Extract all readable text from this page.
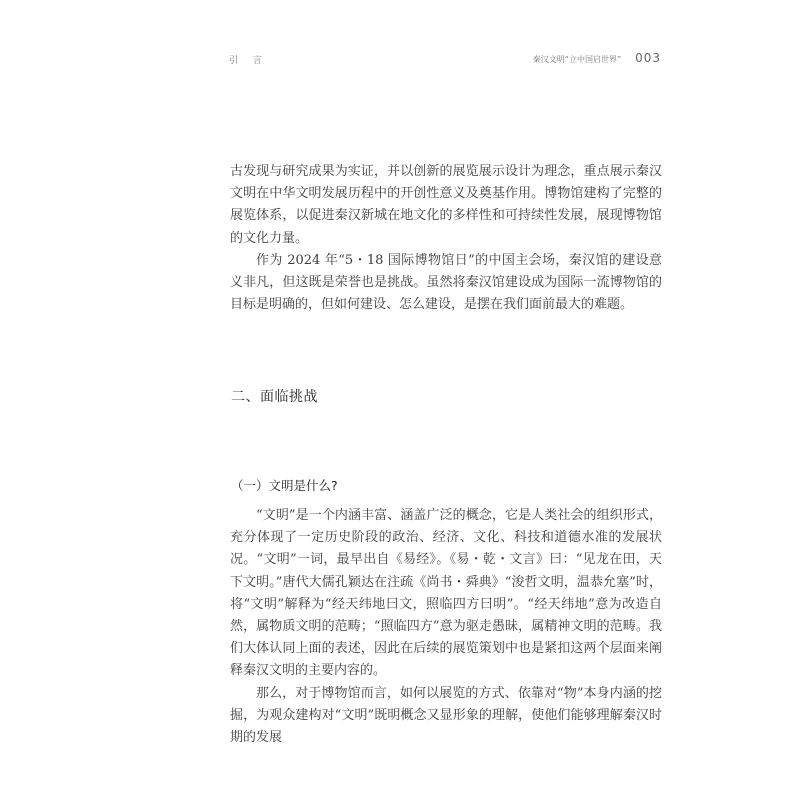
引 言	秦汉文明“立中国启世界” 003

古发现与研究成果为实证，并以创新的展览展示设计为理念，重点展示秦汉文明在中华文明发展历程中的开创性意义及奠基作用。博物馆建构了完整的展览体系，以促进秦汉新城在地文化的多样性和可持续性发展，展现博物馆的文化力量。

作为 2024 年“5・18 国际博物馆日”的中国主会场，秦汉馆的建设意义非凡，但这既是荣誉也是挑战。虽然将秦汉馆建设成为国际一流博物馆的目标是明确的，但如何建设、怎么建设，是摆在我们面前最大的难题。

二、面临挑战
（一）文明是什么?

“文明”是一个内涵丰富、涵盖广泛的概念，它是人类社会的组织形式，充分体现了一定历史阶段的政治、经济、文化、科技和道德水准的发展状况。“文明”一词，最早出自《易经》。《易・乾・文言》曰：“见龙在田，天下文明。”唐代大儒孔颖达在注疏《尚书・舜典》“浚哲文明，温恭允塞”时，将“文明”解释为“经天纬地曰文，照临四方曰明”。“经天纬地”意为改造自然，属物质文明的范畴；“照临四方”意为驱走愚昧，属精神文明的范畴。我们大体认同上面的表述，因此在后续的展览策划中也是紧扣这两个层面来阐释秦汉文明的主要内容的。

那么，对于博物馆而言，如何以展览的方式、依靠对“物”本身内涵的挖掘，为观众建构对“文明”既明概念又显形象的理解，使他们能够理解秦汉时期的发展
